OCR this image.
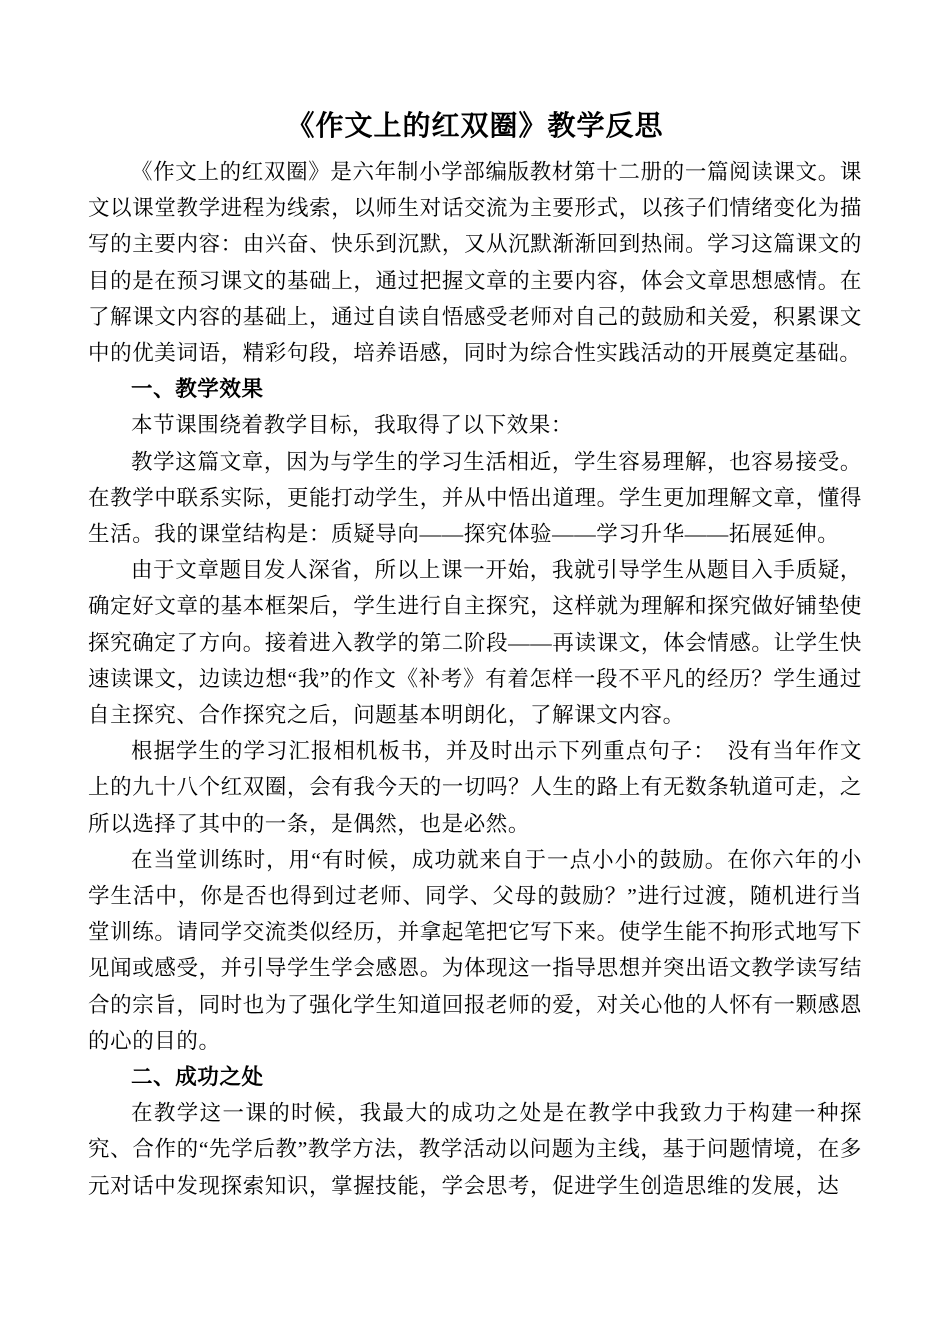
《作文上的红双圈》教学反思

《作文上的红双圈》是六年制小学部编版教材第十二册的一篇阅读课文。课文以课堂教学进程为线索，以师生对话交流为主要形式，以孩子们情绪变化为描写的主要内容：由兴奋、快乐到沉默，又从沉默渐渐回到热闹。学习这篇课文的目的是在预习课文的基础上，通过把握文章的主要内容，体会文章思想感情。在了解课文内容的基础上，通过自读自悟感受老师对自己的鼓励和关爱，积累课文中的优美词语，精彩句段，培养语感，同时为综合性实践活动的开展奠定基础。

一、教学效果

本节课围绕着教学目标，我取得了以下效果：

教学这篇文章，因为与学生的学习生活相近，学生容易理解，也容易接受。在教学中联系实际，更能打动学生，并从中悟出道理。学生更加理解文章，懂得生活。我的课堂结构是：质疑导向——探究体验——学习升华——拓展延伸。

由于文章题目发人深省，所以上课一开始，我就引导学生从题目入手质疑，确定好文章的基本框架后，学生进行自主探究，这样就为理解和探究做好铺垫使探究确定了方向。接着进入教学的第二阶段——再读课文，体会情感。让学生快速读课文，边读边想“我”的作文《补考》有着怎样一段不平凡的经历？学生通过自主探究、合作探究之后，问题基本明朗化，了解课文内容。

根据学生的学习汇报相机板书，并及时出示下列重点句子：　没有当年作文上的九十八个红双圈，会有我今天的一切吗？人生的路上有无数条轨道可走，之所以选择了其中的一条，是偶然，也是必然。

在当堂训练时，用“有时候，成功就来自于一点小小的鼓励。在你六年的小学生活中，你是否也得到过老师、同学、父母的鼓励？”进行过渡，随机进行当堂训练。请同学交流类似经历，并拿起笔把它写下来。使学生能不拘形式地写下见闻或感受，并引导学生学会感恩。为体现这一指导思想并突出语文教学读写结合的宗旨，同时也为了强化学生知道回报老师的爱，对关心他的人怀有一颗感恩的心的目的。

二、成功之处

在教学这一课的时候，我最大的成功之处是在教学中我致力于构建一种探究、合作的“先学后教”教学方法，教学活动以问题为主线，基于问题情境，在多元对话中发现探索知识，掌握技能，学会思考，促进学生创造思维的发展，达
